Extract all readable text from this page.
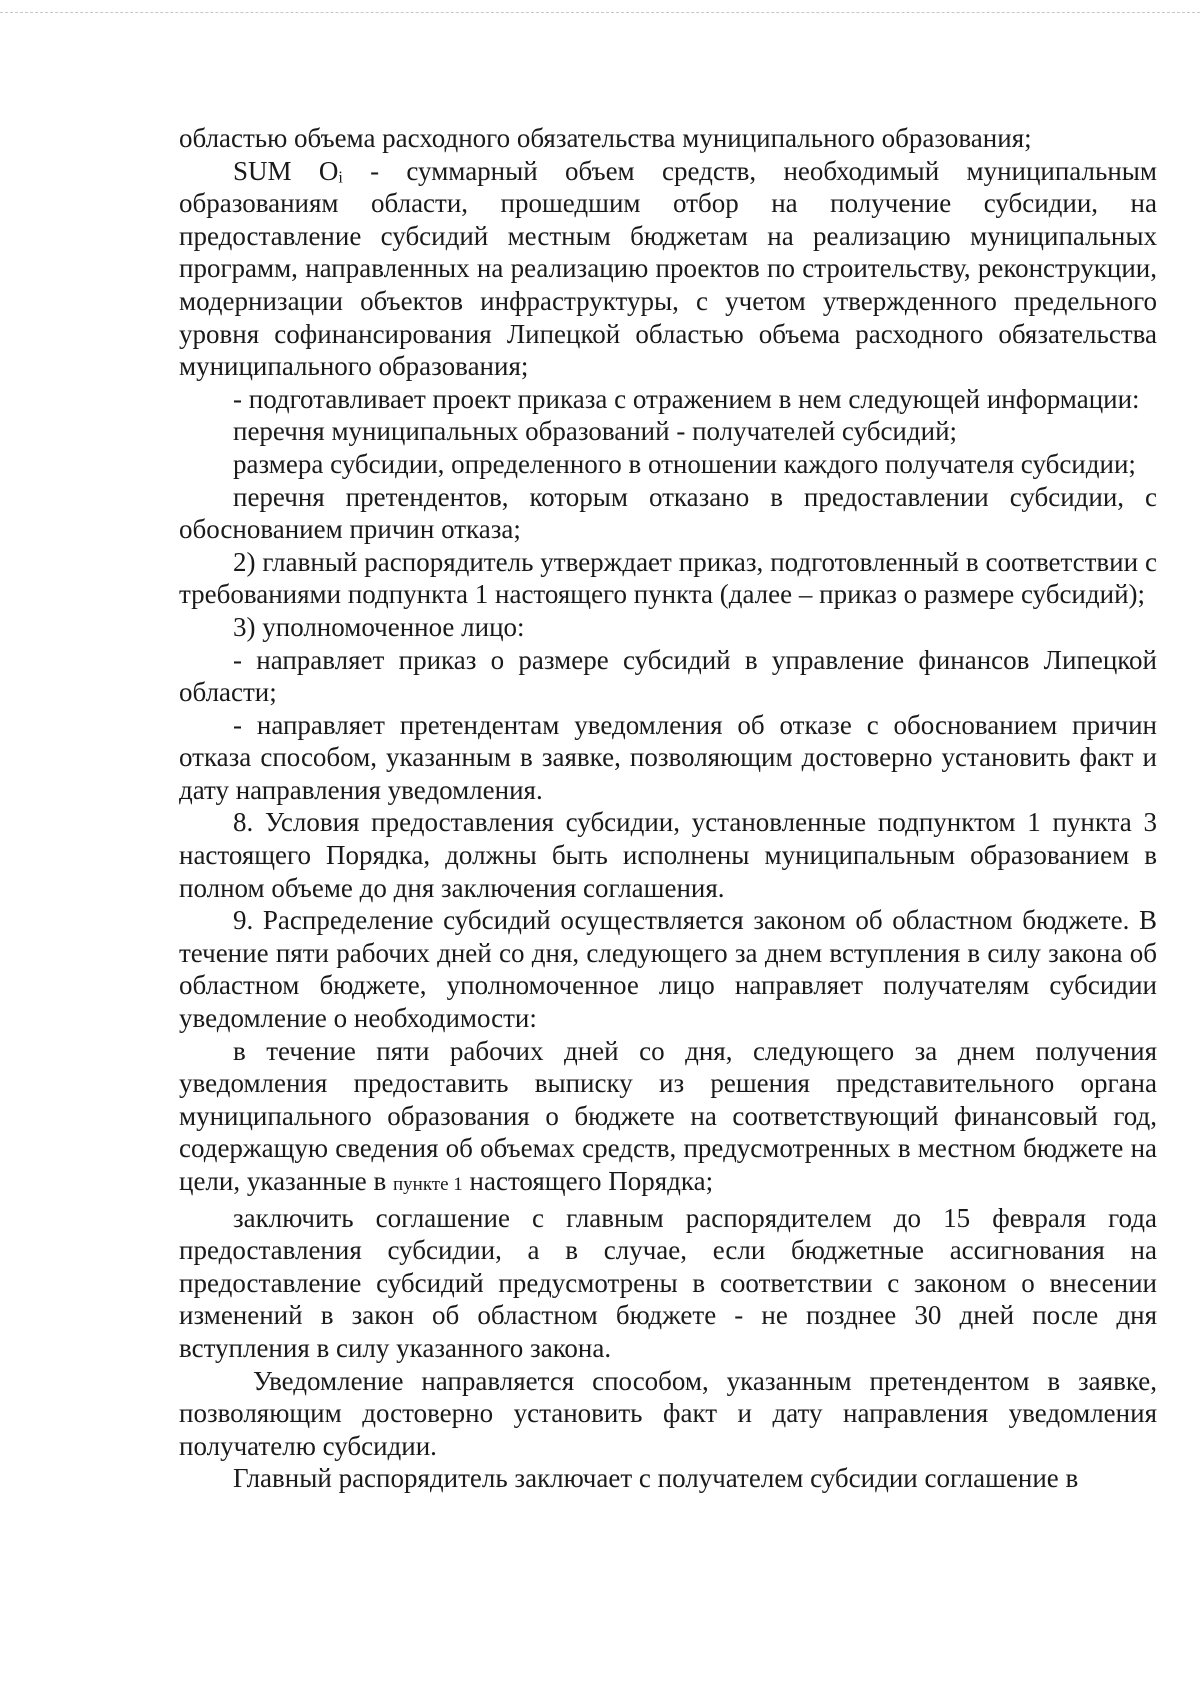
областью объема расходного обязательства муниципального образования;

SUM Oᵢ - суммарный объем средств, необходимый муниципальным образованиям области, прошедшим отбор на получение субсидии, на предоставление субсидий местным бюджетам на реализацию муниципальных программ, направленных на реализацию проектов по строительству, реконструкции, модернизации объектов инфраструктуры, с учетом утвержденного предельного уровня софинансирования Липецкой областью объема расходного обязательства муниципального образования;

- подготавливает проект приказа с отражением в нем следующей информации:

перечня муниципальных образований - получателей субсидий;

размера субсидии, определенного в отношении каждого получателя субсидии;

перечня претендентов, которым отказано в предоставлении субсидии, с обоснованием причин отказа;

2) главный распорядитель утверждает приказ, подготовленный в соответствии с требованиями подпункта 1 настоящего пункта (далее – приказ о размере субсидий);

3) уполномоченное лицо:

- направляет приказ о размере субсидий в управление финансов Липецкой области;

- направляет претендентам уведомления об отказе с обоснованием причин отказа способом, указанным в заявке, позволяющим достоверно установить факт и дату направления уведомления.

8. Условия предоставления субсидии, установленные подпунктом 1 пункта 3 настоящего Порядка, должны быть исполнены муниципальным образованием в полном объеме до дня заключения соглашения.

9. Распределение субсидий осуществляется законом об областном бюджете. В течение пяти рабочих дней со дня, следующего за днем вступления в силу закона об областном бюджете, уполномоченное лицо направляет получателям субсидии уведомление о необходимости:

в течение пяти рабочих дней со дня, следующего за днем получения уведомления предоставить выписку из решения представительного органа муниципального образования о бюджете на соответствующий финансовый год, содержащую сведения об объемах средств, предусмотренных в местном бюджете на цели, указанные в пункте 1 настоящего Порядка;

заключить соглашение с главным распорядителем до 15 февраля года предоставления субсидии, а в случае, если бюджетные ассигнования на предоставление субсидий предусмотрены в соответствии с законом о внесении изменений в закон об областном бюджете - не позднее 30 дней после дня вступления в силу указанного закона.

Уведомление направляется способом, указанным претендентом в заявке, позволяющим достоверно установить факт и дату направления уведомления получателю субсидии.

Главный распорядитель заключает с получателем субсидии соглашение в
